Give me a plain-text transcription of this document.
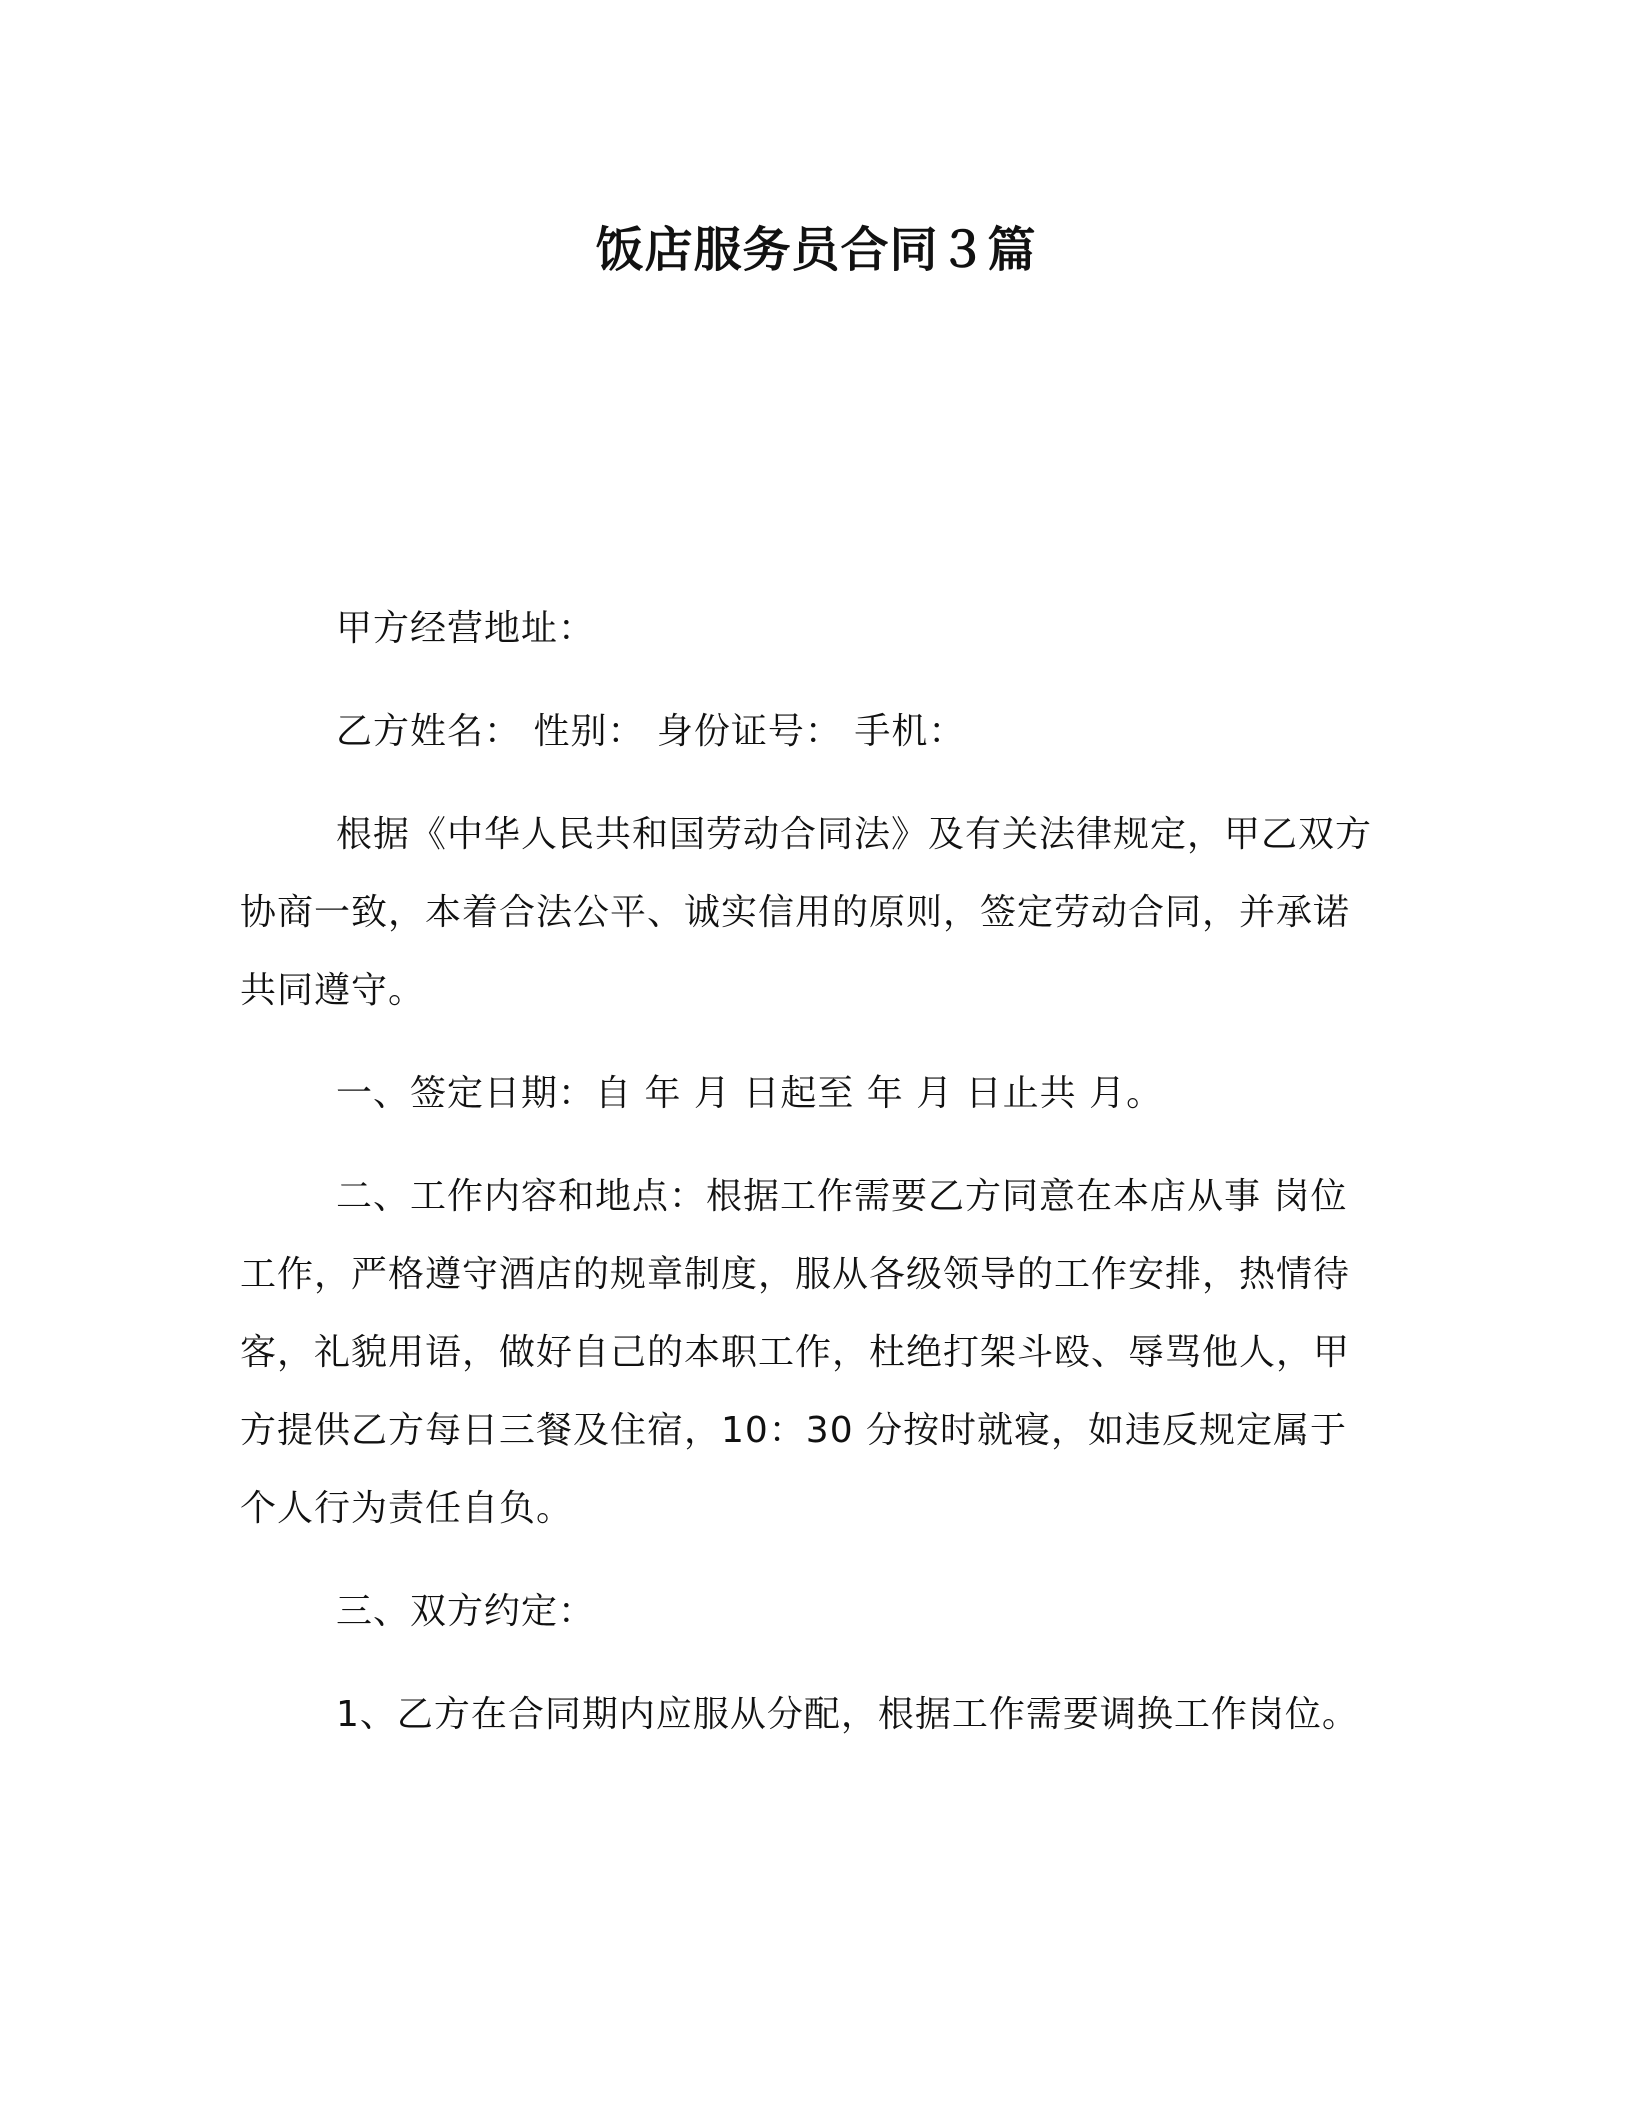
饭店服务员合同３篇

甲方经营地址：

乙方姓名： 性别： 身份证号： 手机：

根据《中华人民共和国劳动合同法》及有关法律规定，甲乙双方协商一致，本着合法公平、诚实信用的原则，签定劳动合同，并承诺共同遵守。

一、签定日期：自 年 月 日起至 年 月 日止共 月。

二、工作内容和地点：根据工作需要乙方同意在本店从事 岗位工作，严格遵守酒店的规章制度，服从各级领导的工作安排，热情待客，礼貌用语，做好自己的本职工作，杜绝打架斗殴、辱骂他人，甲方提供乙方每日三餐及住宿，10：30 分按时就寝，如违反规定属于个人行为责任自负。

三、双方约定：

1、乙方在合同期内应服从分配，根据工作需要调换工作岗位。
